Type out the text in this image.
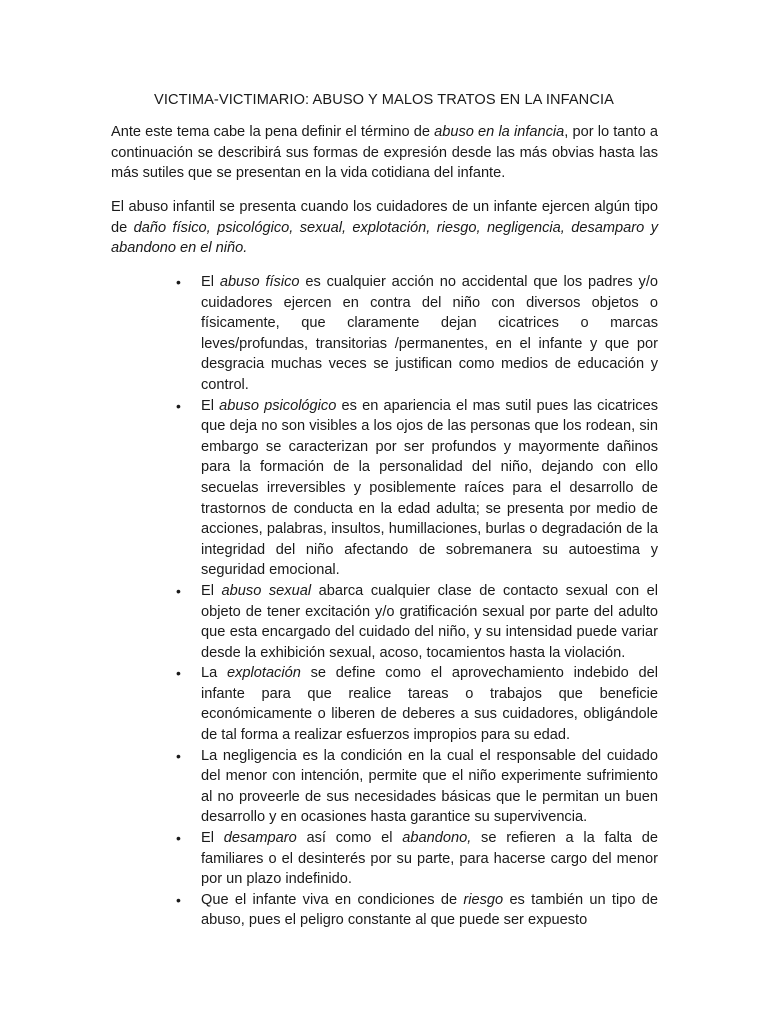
VICTIMA-VICTIMARIO: ABUSO Y MALOS TRATOS EN LA INFANCIA

Ante este tema cabe la pena definir el término de abuso en la infancia, por lo tanto a continuación se describirá sus formas de expresión desde las más obvias hasta las más sutiles que se presentan en la vida cotidiana del infante.

El abuso infantil se presenta cuando los cuidadores de un infante ejercen algún tipo de daño físico, psicológico, sexual, explotación, riesgo, negligencia, desamparo y abandono en el niño.

• El abuso físico es cualquier acción no accidental que los padres y/o cuidadores ejercen en contra del niño con diversos objetos o físicamente, que claramente dejan cicatrices o marcas leves/profundas, transitorias /permanentes, en el infante y que por desgracia muchas veces se justifican como medios de educación y control.
• El abuso psicológico es en apariencia el mas sutil pues las cicatrices que deja no son visibles a los ojos de las personas que los rodean, sin embargo se caracterizan por ser profundos y mayormente dañinos para la formación de la personalidad del niño, dejando con ello secuelas irreversibles y posiblemente raíces para el desarrollo de trastornos de conducta en la edad adulta; se presenta por medio de acciones, palabras, insultos, humillaciones, burlas o degradación de la integridad del niño afectando de sobremanera su autoestima y seguridad emocional.
• El abuso sexual abarca cualquier clase de contacto sexual con el objeto de tener excitación y/o gratificación sexual por parte del adulto que esta encargado del cuidado del niño, y su intensidad puede variar desde la exhibición sexual, acoso, tocamientos hasta la violación.
• La explotación se define como el aprovechamiento indebido del infante para que realice tareas o trabajos que beneficie económicamente o liberen de deberes a sus cuidadores, obligándole de tal forma a realizar esfuerzos impropios para su edad.
• La negligencia es la condición en la cual el responsable del cuidado del menor con intención, permite que el niño experimente sufrimiento al no proveerle de sus necesidades básicas que le permitan un buen desarrollo y en ocasiones hasta garantice su supervivencia.
• El desamparo así como el abandono, se refieren a la falta de familiares o el desinterés por su parte, para hacerse cargo del menor por un plazo indefinido.
• Que el infante viva en condiciones de riesgo es también un tipo de abuso, pues el peligro constante al que puede ser expuesto
